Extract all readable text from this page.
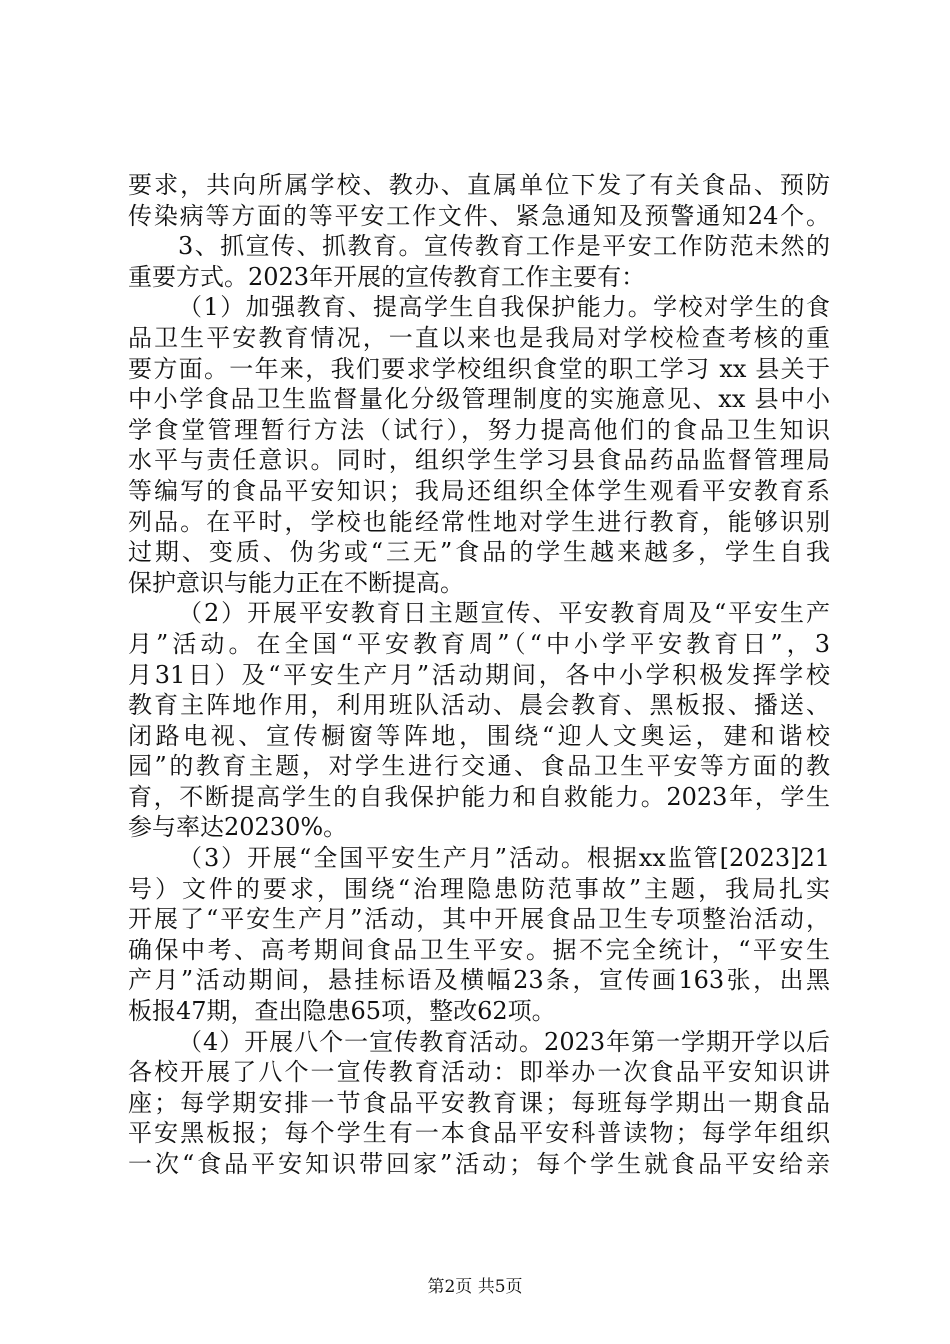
要求，共向所属学校、教办、直属单位下发了有关食品、预防
传染病等方面的等平安工作文件、紧急通知及预警通知24个。
3、抓宣传、抓教育。宣传教育工作是平安工作防范未然的
重要方式。2023年开展的宣传教育工作主要有：
（1）加强教育、提高学生自我保护能力。学校对学生的食
品卫生平安教育情况，一直以来也是我局对学校检查考核的重
要方面。一年来，我们要求学校组织食堂的职工学习 xx 县关于
中小学食品卫生监督量化分级管理制度的实施意见、xx 县中小
学食堂管理暂行方法（试行），努力提高他们的食品卫生知识
水平与责任意识。同时，组织学生学习县食品药品监督管理局
等编写的食品平安知识；我局还组织全体学生观看平安教育系
列品。在平时，学校也能经常性地对学生进行教育，能够识别
过期、变质、伪劣或“三无”食品的学生越来越多，学生自我
保护意识与能力正在不断提高。
（2）开展平安教育日主题宣传、平安教育周及“平安生产
月”活动。在全国“平安教育周”（“中小学平安教育日”，3
月31日）及“平安生产月”活动期间，各中小学积极发挥学校
教育主阵地作用，利用班队活动、晨会教育、黑板报、播送、
闭路电视、宣传橱窗等阵地，围绕“迎人文奥运，建和谐校
园”的教育主题，对学生进行交通、食品卫生平安等方面的教
育，不断提高学生的自我保护能力和自救能力。2023年，学生
参与率达20230%。
（3）开展“全国平安生产月”活动。根据xx监管[2023]21
号）文件的要求，围绕“治理隐患防范事故”主题，我局扎实
开展了“平安生产月”活动，其中开展食品卫生专项整治活动，
确保中考、高考期间食品卫生平安。据不完全统计，“平安生
产月”活动期间，悬挂标语及横幅23条，宣传画163张，出黑
板报47期，查出隐患65项，整改62项。
（4）开展八个一宣传教育活动。2023年第一学期开学以后
各校开展了八个一宣传教育活动：即举办一次食品平安知识讲
座；每学期安排一节食品平安教育课；每班每学期出一期食品
平安黑板报；每个学生有一本食品平安科普读物；每学年组织
一次“食品平安知识带回家”活动；每个学生就食品平安给亲
第2页 共5页
